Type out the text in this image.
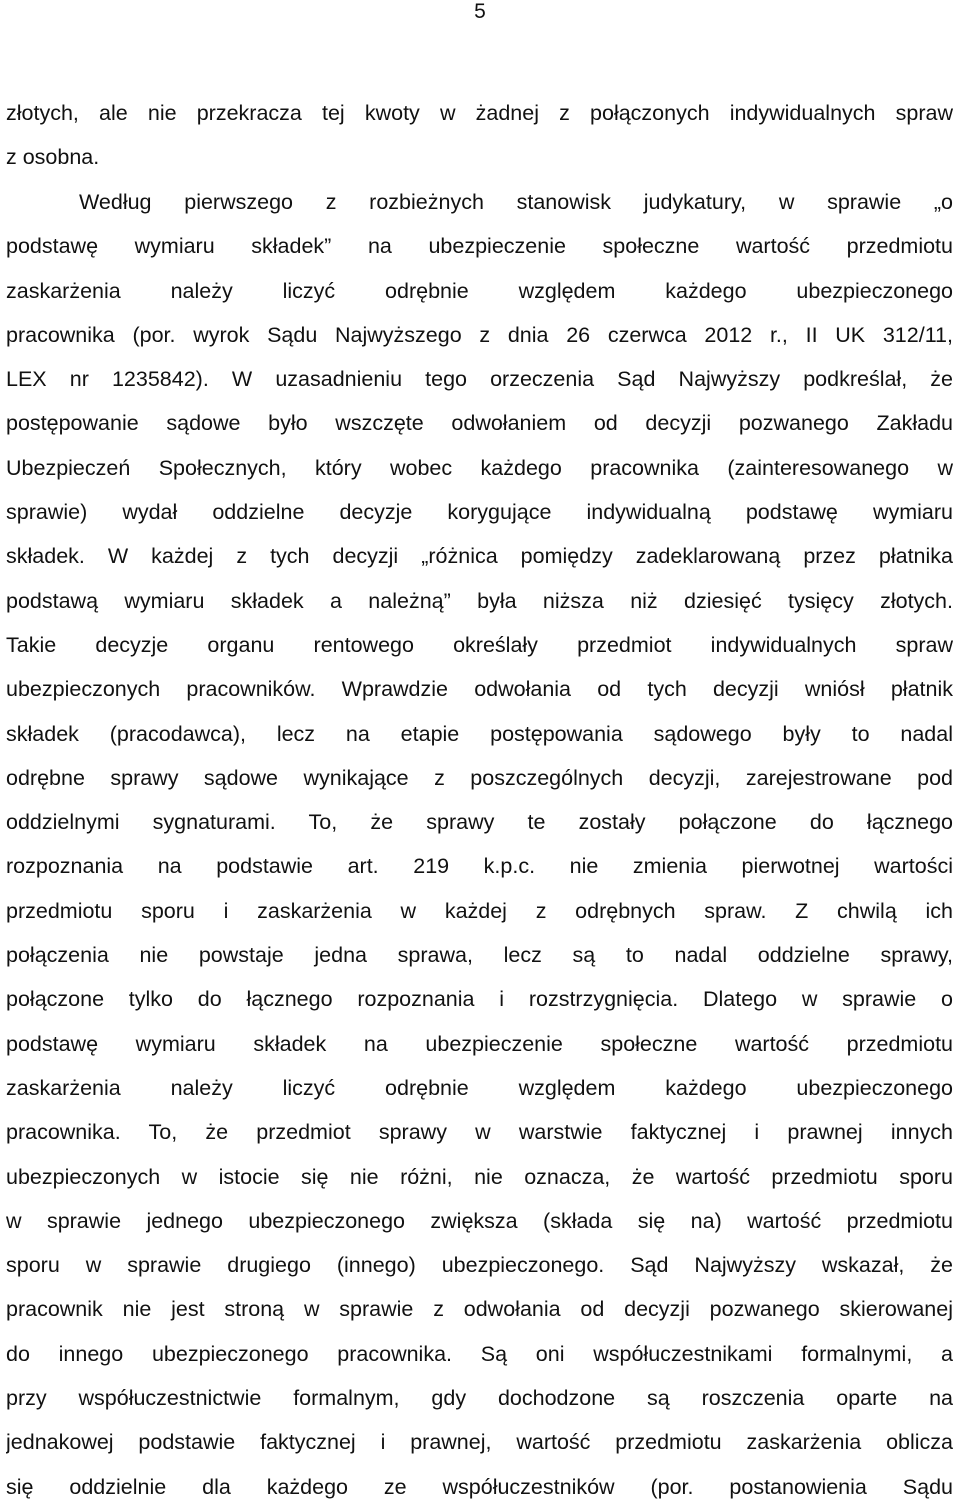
5
złotych, ale nie przekracza tej kwoty w żadnej z połączonych indywidualnych spraw
z osobna.
Według pierwszego z rozbieżnych stanowisk judykatury, w sprawie „o
podstawę wymiaru składek” na ubezpieczenie społeczne wartość przedmiotu
zaskarżenia należy liczyć odrębnie względem każdego ubezpieczonego
pracownika (por. wyrok Sądu Najwyższego z dnia 26 czerwca 2012 r., II UK 312/11,
LEX nr 1235842). W uzasadnieniu tego orzeczenia Sąd Najwyższy podkreślał, że
postępowanie sądowe było wszczęte odwołaniem od decyzji pozwanego Zakładu
Ubezpieczeń Społecznych, który wobec każdego pracownika (zainteresowanego w
sprawie) wydał oddzielne decyzje korygujące indywidualną podstawę wymiaru
składek. W każdej z tych decyzji „różnica pomiędzy zadeklarowaną przez płatnika
podstawą wymiaru składek a należną” była niższa niż dziesięć tysięcy złotych.
Takie decyzje organu rentowego określały przedmiot indywidualnych spraw
ubezpieczonych pracowników. Wprawdzie odwołania od tych decyzji wniósł płatnik
składek (pracodawca), lecz na etapie postępowania sądowego były to nadal
odrębne sprawy sądowe wynikające z poszczególnych decyzji, zarejestrowane pod
oddzielnymi sygnaturami. To, że sprawy te zostały połączone do łącznego
rozpoznania na podstawie art. 219 k.p.c. nie zmienia pierwotnej wartości
przedmiotu sporu i zaskarżenia w każdej z odrębnych spraw. Z chwilą ich
połączenia nie powstaje jedna sprawa, lecz są to nadal oddzielne sprawy,
połączone tylko do łącznego rozpoznania i rozstrzygnięcia. Dlatego w sprawie o
podstawę wymiaru składek na ubezpieczenie społeczne wartość przedmiotu
zaskarżenia należy liczyć odrębnie względem każdego ubezpieczonego
pracownika. To, że przedmiot sprawy w warstwie faktycznej i prawnej innych
ubezpieczonych w istocie się nie różni, nie oznacza, że wartość przedmiotu sporu
w sprawie jednego ubezpieczonego zwiększa (składa się na) wartość przedmiotu
sporu w sprawie drugiego (innego) ubezpieczonego. Sąd Najwyższy wskazał, że
pracownik nie jest stroną w sprawie z odwołania od decyzji pozwanego skierowanej
do innego ubezpieczonego pracownika. Są oni współuczestnikami formalnymi, a
przy współuczestnictwie formalnym, gdy dochodzone są roszczenia oparte na
jednakowej podstawie faktycznej i prawnej, wartość przedmiotu zaskarżenia oblicza
się oddzielnie dla każdego ze współuczestników (por. postanowienia Sądu
